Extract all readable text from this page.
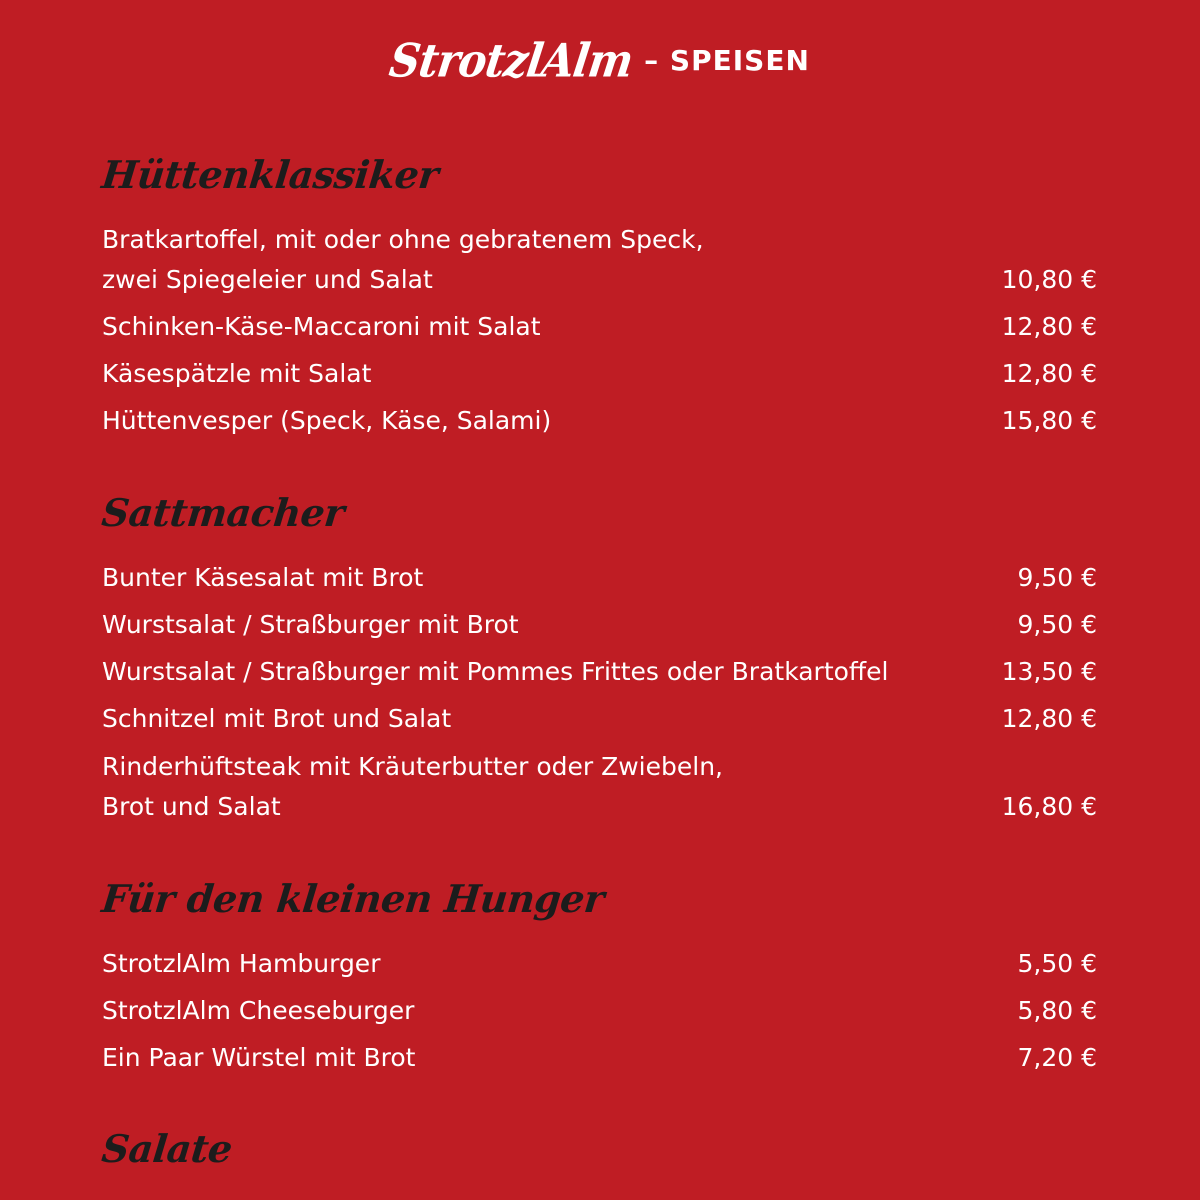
StrotzlAlm – SPEISEN
Hüttenklassiker
Bratkartoffel, mit oder ohne gebratenem Speck,
zwei Spiegeleier und Salat	10,80 €
Schinken-Käse-Maccaroni mit Salat	12,80 €
Käsespätzle mit Salat	12,80 €
Hüttenvesper (Speck, Käse, Salami)	15,80 €
Sattmacher
Bunter Käsesalat mit Brot	9,50 €
Wurstsalat / Straßburger mit Brot	9,50 €
Wurstsalat / Straßburger mit Pommes Frittes oder Bratkartoffel	13,50 €
Schnitzel mit Brot und Salat	12,80 €
Rinderhüftsteak mit Kräuterbutter oder Zwiebeln,
Brot und Salat	16,80 €
Für den kleinen Hunger
StrotzlAlm Hamburger	5,50 €
StrotzlAlm Cheeseburger	5,80 €
Ein Paar Würstel mit Brot	7,20 €
Salate
